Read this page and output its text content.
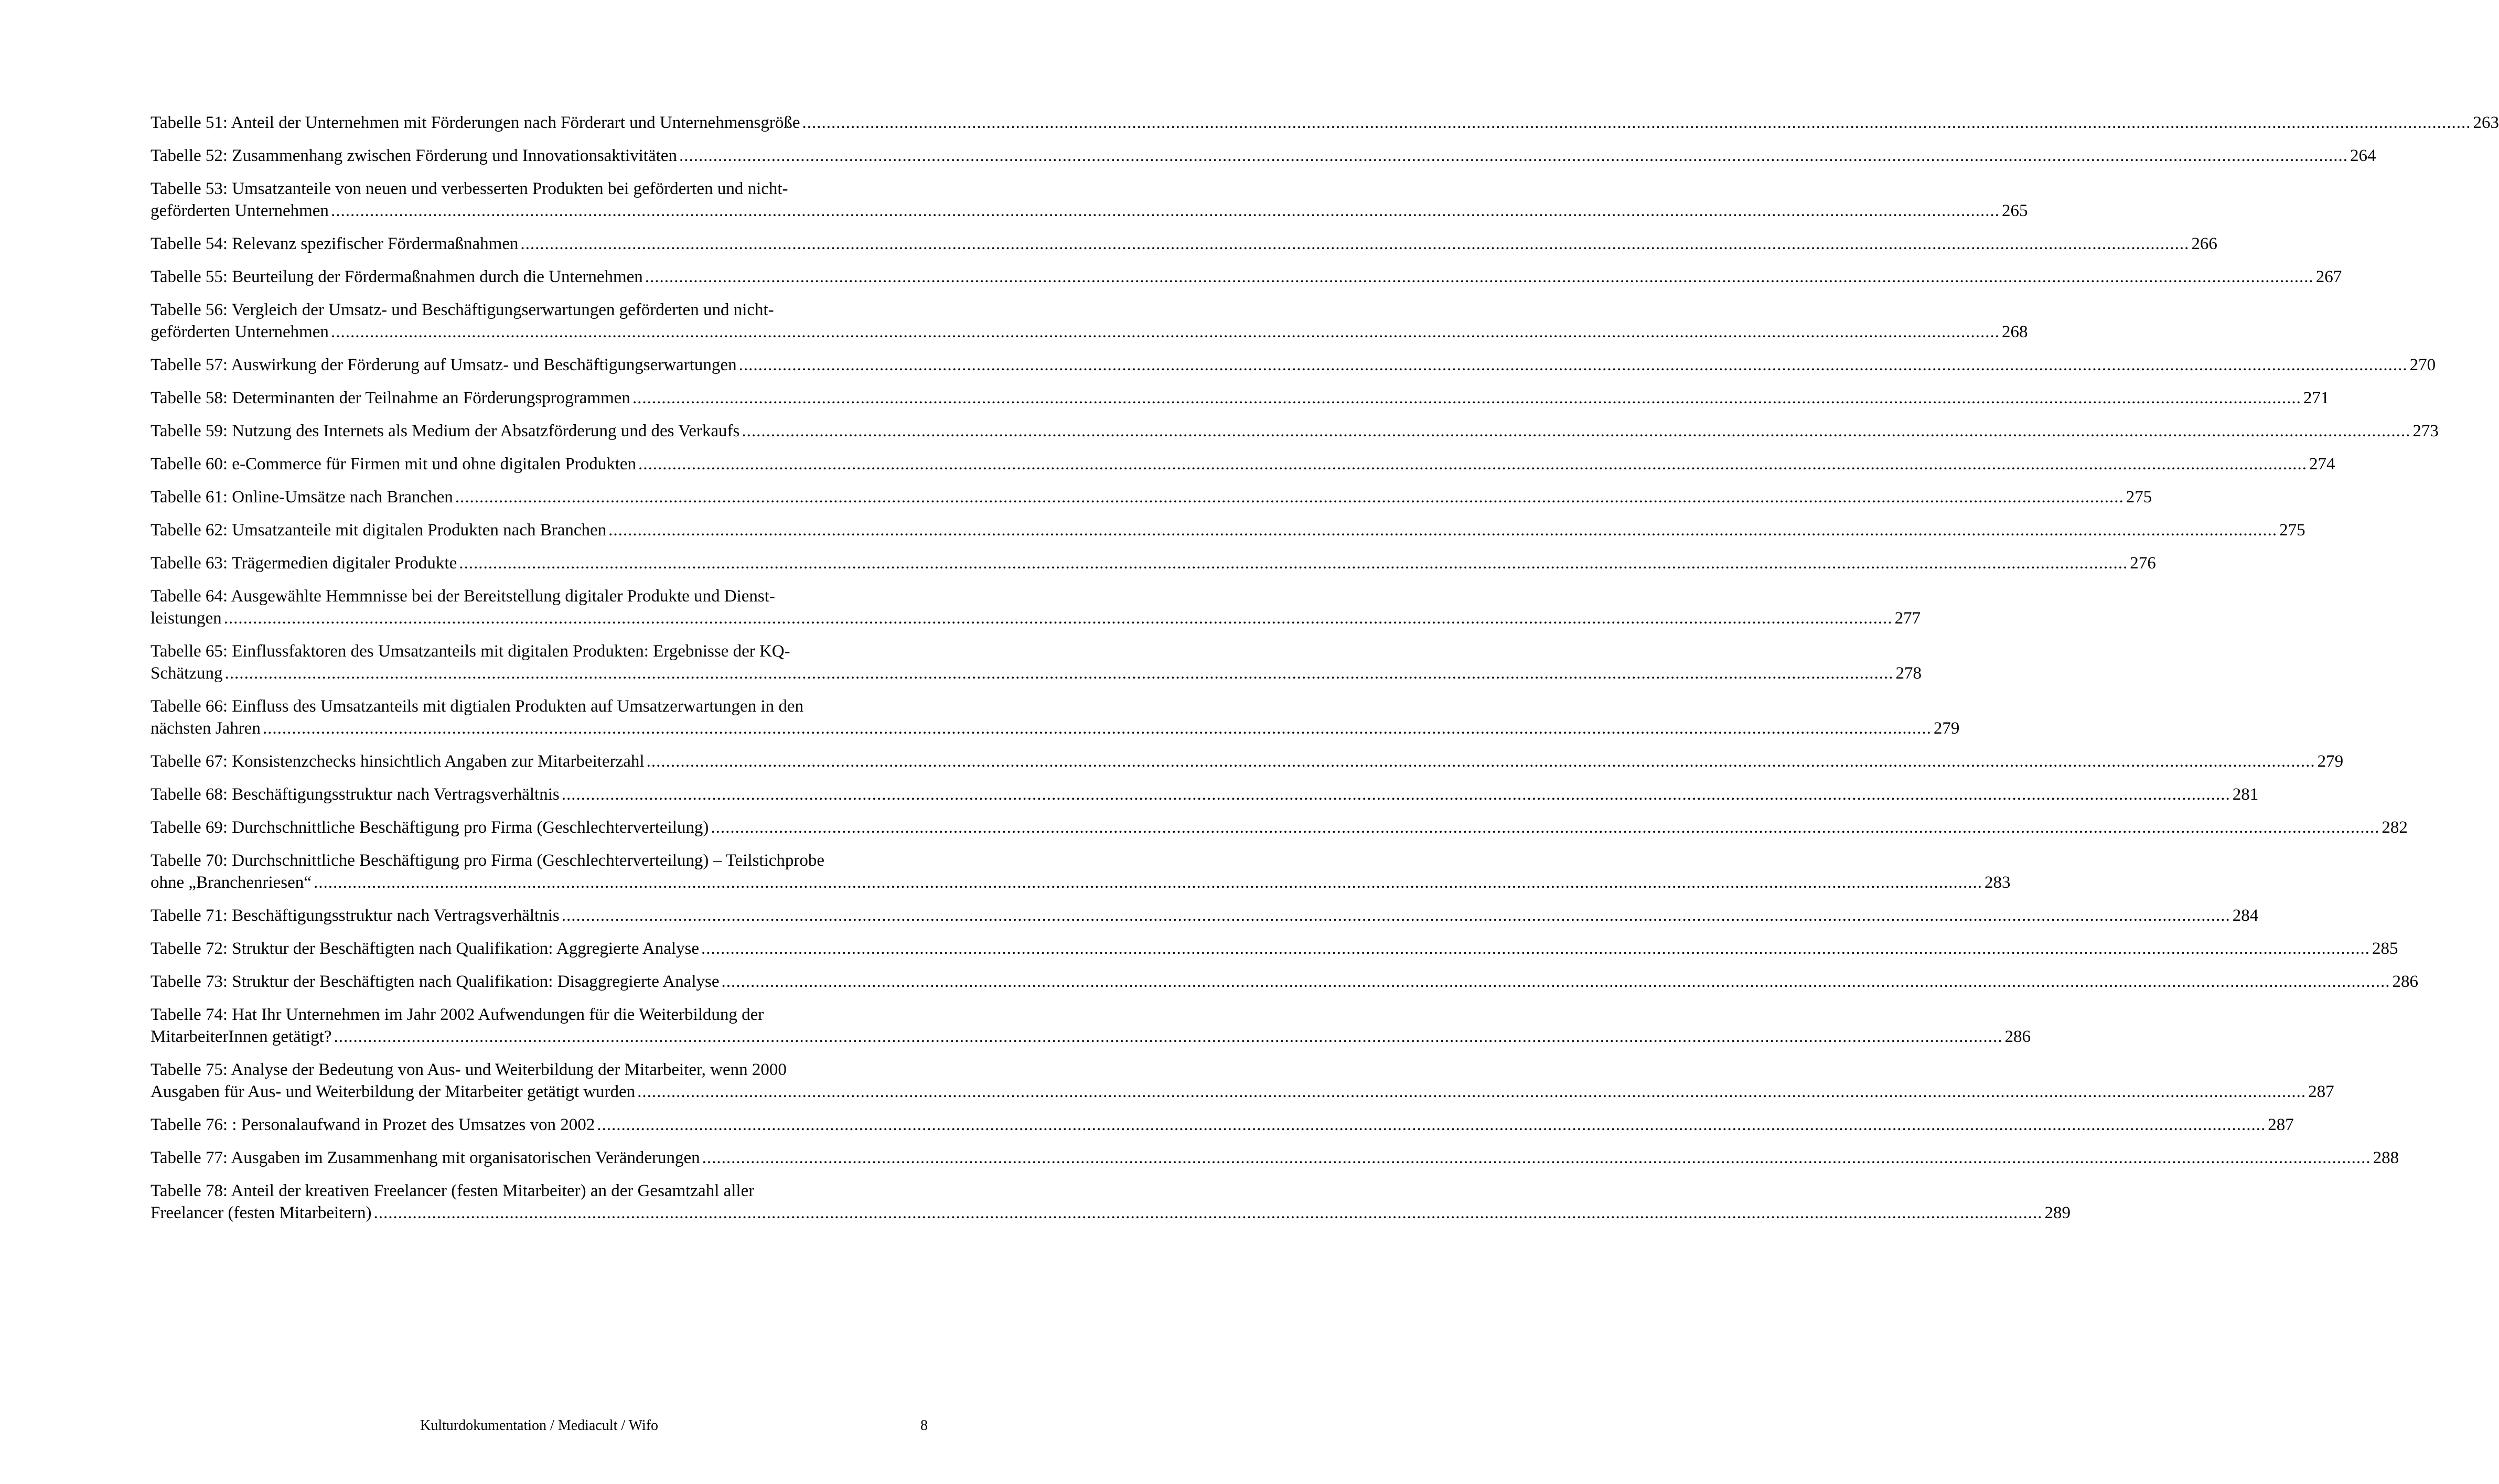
Tabelle 51: Anteil der Unternehmen mit Förderungen nach Förderart und Unternehmensgröße .....	263
Tabelle 52: Zusammenhang zwischen Förderung und Innovationsaktivitäten .....	264
Tabelle 53: Umsatzanteile von neuen und verbesserten Produkten bei geförderten und nicht-
geförderten Unternehmen .....	265
Tabelle 54: Relevanz spezifischer Fördermaßnahmen .....	266
Tabelle 55: Beurteilung der Fördermaßnahmen durch die Unternehmen .....	267
Tabelle 56: Vergleich der Umsatz- und Beschäftigungserwartungen geförderten und nicht-
geförderten Unternehmen .....	268
Tabelle 57: Auswirkung der Förderung auf Umsatz- und Beschäftigungserwartungen .....	270
Tabelle 58: Determinanten der Teilnahme an Förderungsprogrammen .....	271
Tabelle 59: Nutzung des Internets als Medium der Absatzförderung und des Verkaufs .....	273
Tabelle 60: e-Commerce für Firmen mit und ohne digitalen Produkten .....	274
Tabelle 61: Online-Umsätze nach Branchen .....	275
Tabelle 62: Umsatzanteile mit digitalen Produkten nach Branchen .....	275
Tabelle 63: Trägermedien digitaler Produkte .....	276
Tabelle 64: Ausgewählte Hemmnisse bei der Bereitstellung digitaler Produkte und Dienst-
leistungen .....	277
Tabelle 65: Einflussfaktoren des Umsatzanteils mit digitalen Produkten: Ergebnisse der KQ-
Schätzung .....	278
Tabelle 66: Einfluss des Umsatzanteils mit digtialen Produkten auf Umsatzerwartungen in den
nächsten Jahren .....	279
Tabelle 67: Konsistenzchecks hinsichtlich Angaben zur Mitarbeiterzahl .....	279
Tabelle 68: Beschäftigungsstruktur nach Vertragsverhältnis .....	281
Tabelle 69: Durchschnittliche Beschäftigung pro Firma (Geschlechterverteilung) .....	282
Tabelle 70: Durchschnittliche Beschäftigung pro Firma (Geschlechterverteilung) – Teilstichprobe
ohne „Branchenriesen“ .....	283
Tabelle 71: Beschäftigungsstruktur nach Vertragsverhältnis .....	284
Tabelle 72: Struktur der Beschäftigten nach Qualifikation: Aggregierte Analyse .....	285
Tabelle 73: Struktur der Beschäftigten nach Qualifikation: Disaggregierte Analyse .....	286
Tabelle 74: Hat Ihr Unternehmen im Jahr 2002 Aufwendungen für die Weiterbildung der
MitarbeiterInnen getätigt? .....	286
Tabelle 75: Analyse der Bedeutung von Aus- und Weiterbildung der Mitarbeiter, wenn 2000
Ausgaben für Aus- und Weiterbildung der Mitarbeiter getätigt wurden .....	287
Tabelle 76: : Personalaufwand in Prozet des Umsatzes von 2002 .....	287
Tabelle 77: Ausgaben im Zusammenhang mit organisatorischen Veränderungen .....	288
Tabelle 78: Anteil der kreativen Freelancer (festen Mitarbeiter) an der Gesamtzahl aller
Freelancer (festen Mitarbeitern) .....	289
Kulturdokumentation / Mediacult / Wifo	8
